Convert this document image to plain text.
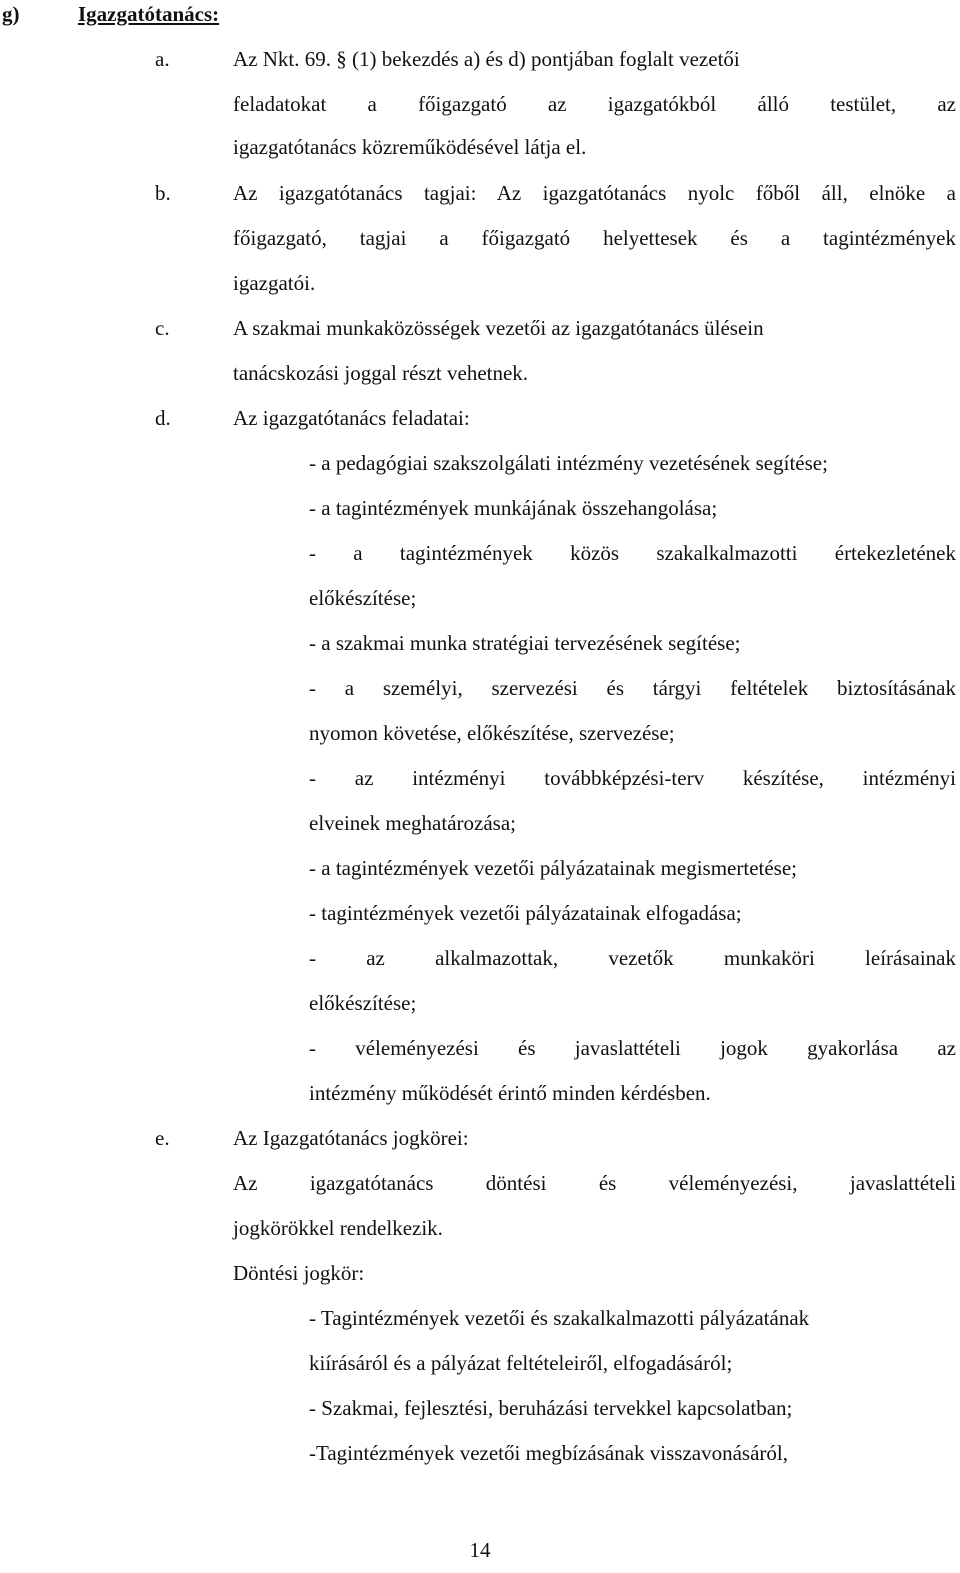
g)	Igazgatótanács:
a.	Az Nkt. 69. § (1) bekezdés a) és d) pontjában foglalt vezetői
feladatokat a főigazgató az igazgatókból álló testület, az
igazgatótanács közreműködésével látja el.
b.	Az igazgatótanács tagjai: Az igazgatótanács nyolc főből áll, elnöke a
főigazgató, tagjai a főigazgató helyettesek és a tagintézmények
igazgatói.
c.	A szakmai munkaközösségek vezetői az igazgatótanács ülésein
tanácskozási joggal részt vehetnek.
d.	Az igazgatótanács feladatai:
- a pedagógiai szakszolgálati intézmény vezetésének segítése;
- a tagintézmények munkájának összehangolása;
- a tagintézmények közös szakalkalmazotti értekezletének
előkészítése;
- a szakmai munka stratégiai tervezésének segítése;
- a személyi, szervezési és tárgyi feltételek biztosításának
nyomon követése, előkészítése, szervezése;
- az intézményi továbbképzési-terv készítése, intézményi
elveinek meghatározása;
- a tagintézmények vezetői pályázatainak megismertetése;
- tagintézmények vezetői pályázatainak elfogadása;
- az alkalmazottak, vezetők munkaköri leírásainak
előkészítése;
- véleményezési és javaslattételi jogok gyakorlása az
intézmény működését érintő minden kérdésben.
e.	Az Igazgatótanács jogkörei:
Az igazgatótanács döntési és véleményezési, javaslattételi
jogkörökkel rendelkezik.
Döntési jogkör:
- Tagintézmények vezetői és szakalkalmazotti pályázatának
kiírásáról és a pályázat feltételeiről, elfogadásáról;
- Szakmai, fejlesztési, beruházási tervekkel kapcsolatban;
-Tagintézmények vezetői megbízásának visszavonásáról,
14
